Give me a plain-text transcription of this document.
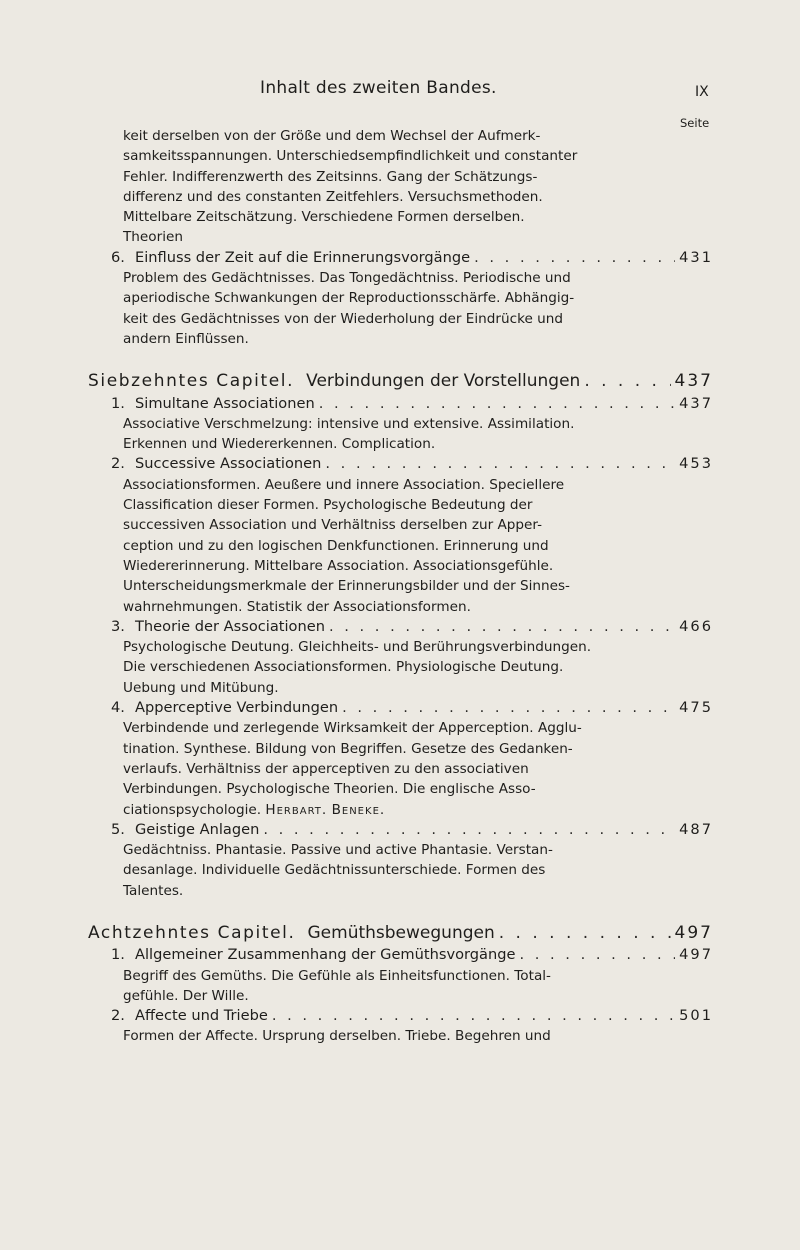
Inhalt des zweiten Bandes.	IX
Seite
keit derselben von der Größe und dem Wechsel der Aufmerk-
samkeitsspannungen. Unterschiedsempfindlichkeit und constanter
Fehler. Indifferenzwerth des Zeitsinns. Gang der Schätzungs-
differenz und des constanten Zeitfehlers. Versuchsmethoden.
Mittelbare Zeitschätzung. Verschiedene Formen derselben.
Theorien
6. Einfluss der Zeit auf die Erinnerungsvorgänge . . .	431
Problem des Gedächtnisses. Das Tongedächtniss. Periodische und
aperiodische Schwankungen der Reproductionsschärfe. Abhängig-
keit des Gedächtnisses von der Wiederholung der Eindrücke und
andern Einflüssen.
Siebzehntes Capitel. Verbindungen der Vorstellungen . . .	437
1. Simultane Associationen . . .	437
Associative Verschmelzung: intensive und extensive. Assimilation.
Erkennen und Wiedererkennen. Complication.
2. Successive Associationen . . .	453
Associationsformen. Aeußere und innere Association. Speciellere
Classification dieser Formen. Psychologische Bedeutung der
successiven Association und Verhältniss derselben zur Apper-
ception und zu den logischen Denkfunctionen. Erinnerung und
Wiedererinnerung. Mittelbare Association. Associationsgefühle.
Unterscheidungsmerkmale der Erinnerungsbilder und der Sinnes-
wahrnehmungen. Statistik der Associationsformen.
3. Theorie der Associationen . . .	466
Psychologische Deutung. Gleichheits- und Berührungsverbindungen.
Die verschiedenen Associationsformen. Physiologische Deutung.
Uebung und Mitübung.
4. Apperceptive Verbindungen . . .	475
Verbindende und zerlegende Wirksamkeit der Apperception. Agglu-
tination. Synthese. Bildung von Begriffen. Gesetze des Gedanken-
verlaufs. Verhältniss der apperceptiven zu den associativen
Verbindungen. Psychologische Theorien. Die englische Asso-
ciationspsychologie. Herbart. Beneke.
5. Geistige Anlagen . . .	487
Gedächtniss. Phantasie. Passive und active Phantasie. Verstan-
desanlage. Individuelle Gedächtnissunterschiede. Formen des
Talentes.
Achtzehntes Capitel. Gemüthsbewegungen . . .	497
1. Allgemeiner Zusammenhang der Gemüthsvorgänge . . .	497
Begriff des Gemüths. Die Gefühle als Einheitsfunctionen. Total-
gefühle. Der Wille.
2. Affecte und Triebe . . .	501
Formen der Affecte. Ursprung derselben. Triebe. Begehren und
